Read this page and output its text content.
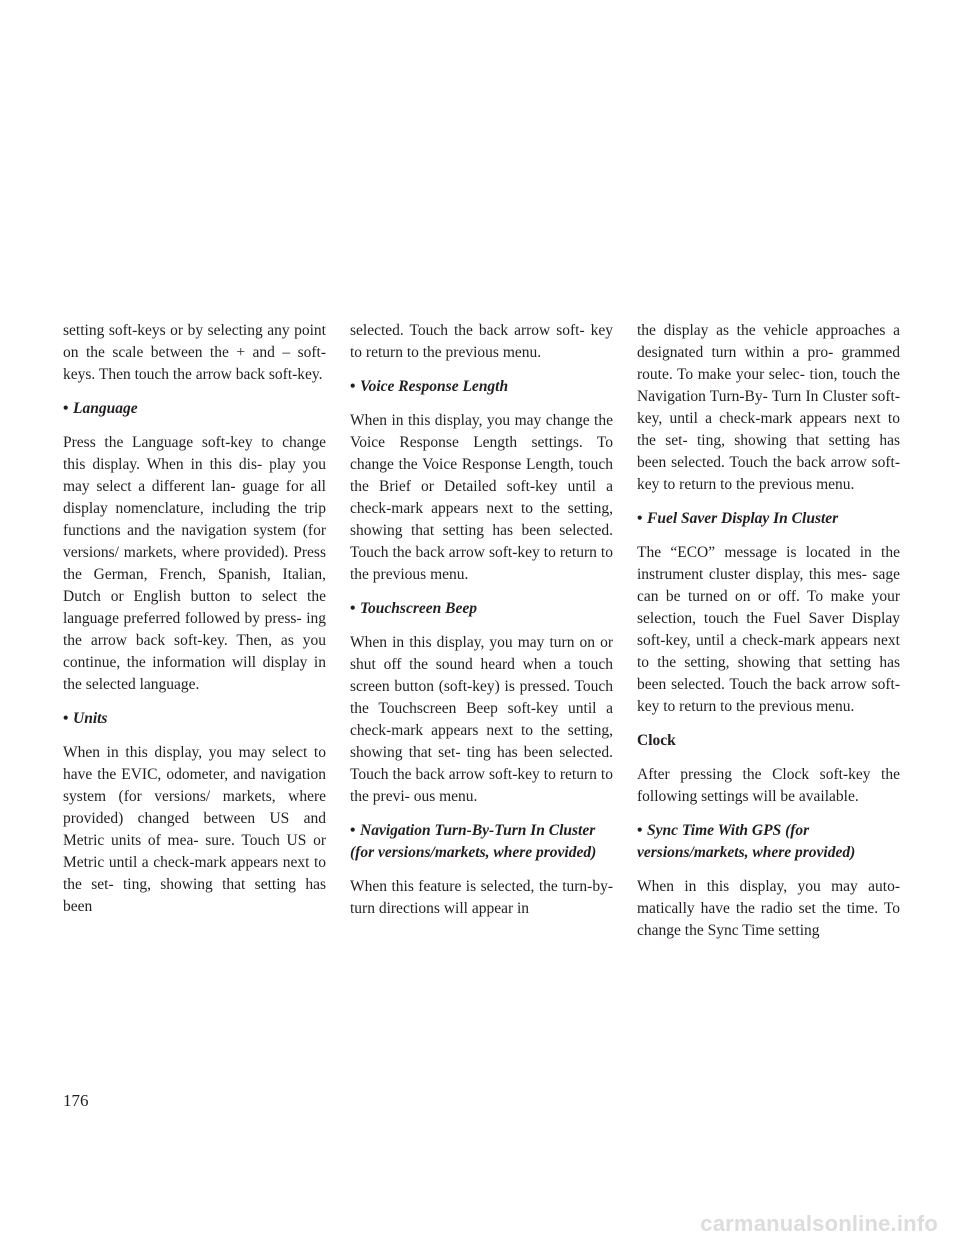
setting soft-keys or by selecting any point on the scale between the + and – soft-keys. Then touch the arrow back soft-key.

• Language

Press the Language soft-key to change this display. When in this dis- play you may select a different lan- guage for all display nomenclature, including the trip functions and the navigation system (for versions/ markets, where provided). Press the German, French, Spanish, Italian, Dutch or English button to select the language preferred followed by press- ing the arrow back soft-key. Then, as you continue, the information will display in the selected language.

• Units

When in this display, you may select to have the EVIC, odometer, and navigation system (for versions/ markets, where provided) changed between US and Metric units of mea- sure. Touch US or Metric until a check-mark appears next to the set- ting, showing that setting has been

selected. Touch the back arrow soft- key to return to the previous menu.

• Voice Response Length

When in this display, you may change the Voice Response Length settings. To change the Voice Response Length, touch the Brief or Detailed soft-key until a check-mark appears next to the setting, showing that setting has been selected. Touch the back arrow soft-key to return to the previous menu.

• Touchscreen Beep

When in this display, you may turn on or shut off the sound heard when a touch screen button (soft-key) is pressed. Touch the Touchscreen Beep soft-key until a check-mark appears next to the setting, showing that set- ting has been selected. Touch the back arrow soft-key to return to the previ- ous menu.

• Navigation Turn-By-Turn In Cluster (for versions/markets, where provided)

When this feature is selected, the turn-by-turn directions will appear in

the display as the vehicle approaches a designated turn within a pro- grammed route. To make your selec- tion, touch the Navigation Turn-By- Turn In Cluster soft-key, until a check-mark appears next to the set- ting, showing that setting has been selected. Touch the back arrow soft- key to return to the previous menu.

• Fuel Saver Display In Cluster

The “ECO” message is located in the instrument cluster display, this mes- sage can be turned on or off. To make your selection, touch the Fuel Saver Display soft-key, until a check-mark appears next to the setting, showing that setting has been selected. Touch the back arrow soft-key to return to the previous menu.

Clock

After pressing the Clock soft-key the following settings will be available.

• Sync Time With GPS (for versions/markets, where provided)

When in this display, you may auto- matically have the radio set the time. To change the Sync Time setting

176
carmanualsonline.info
